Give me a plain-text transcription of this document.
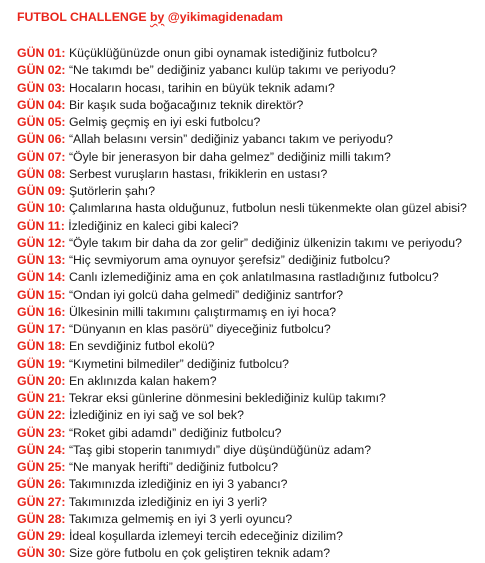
FUTBOL CHALLENGE by @yikimagidenadam
GÜN 01: Küçüklüğünüzde onun gibi oynamak istediğiniz futbolcu?
GÜN 02: “Ne takımdı be” dediğiniz yabancı kulüp takımı ve periyodu?
GÜN 03: Hocaların hocası, tarihin en büyük teknik adamı?
GÜN 04: Bir kaşık suda boğacağınız teknik direktör?
GÜN 05: Gelmiş geçmiş en iyi eski futbolcu?
GÜN 06: “Allah belasını versin” dediğiniz yabancı takım ve periyodu?
GÜN 07: “Öyle bir jenerasyon bir daha gelmez” dediğiniz milli takım?
GÜN 08: Serbest vuruşların hastası, frikiklerin en ustası?
GÜN 09: Şutörlerin şahı?
GÜN 10: Çalımlarına hasta olduğunuz, futbolun nesli tükenmekte olan güzel abisi?
GÜN 11: İzlediğiniz en kaleci gibi kaleci?
GÜN 12: “Öyle takım bir daha da zor gelir” dediğiniz ülkenizin takımı ve periyodu?
GÜN 13: “Hiç sevmiyorum ama oynuyor şerefsiz” dediğiniz futbolcu?
GÜN 14: Canlı izlemediğiniz ama en çok anlatılmasına rastladığınız futbolcu?
GÜN 15: “Ondan iyi golcü daha gelmedi” dediğiniz santrfor?
GÜN 16: Ülkesinin milli takımını çalıştırmamış en iyi hoca?
GÜN 17: “Dünyanın en klas pasörü” diyeceğiniz futbolcu?
GÜN 18: En sevdiğiniz futbol ekolü?
GÜN 19: “Kıymetini bilmediler” dediğiniz futbolcu?
GÜN 20: En aklınızda kalan hakem?
GÜN 21: Tekrar eksi günlerine dönmesini beklediğiniz kulüp takımı?
GÜN 22: İzlediğiniz en iyi sağ ve sol bek?
GÜN 23: “Roket gibi adamdı” dediğiniz futbolcu?
GÜN 24: “Taş gibi stoperin tanımıydı” diye düşündüğünüz adam?
GÜN 25: “Ne manyak herifti” dediğiniz futbolcu?
GÜN 26: Takımınızda izlediğiniz en iyi 3 yabancı?
GÜN 27: Takımınızda izlediğiniz en iyi 3 yerli?
GÜN 28: Takımıza gelmemiş en iyi 3 yerli oyuncu?
GÜN 29: İdeal koşullarda izlemeyi tercih edeceğiniz dizilim?
GÜN 30: Size göre futbolu en çok geliştiren teknik adam?
